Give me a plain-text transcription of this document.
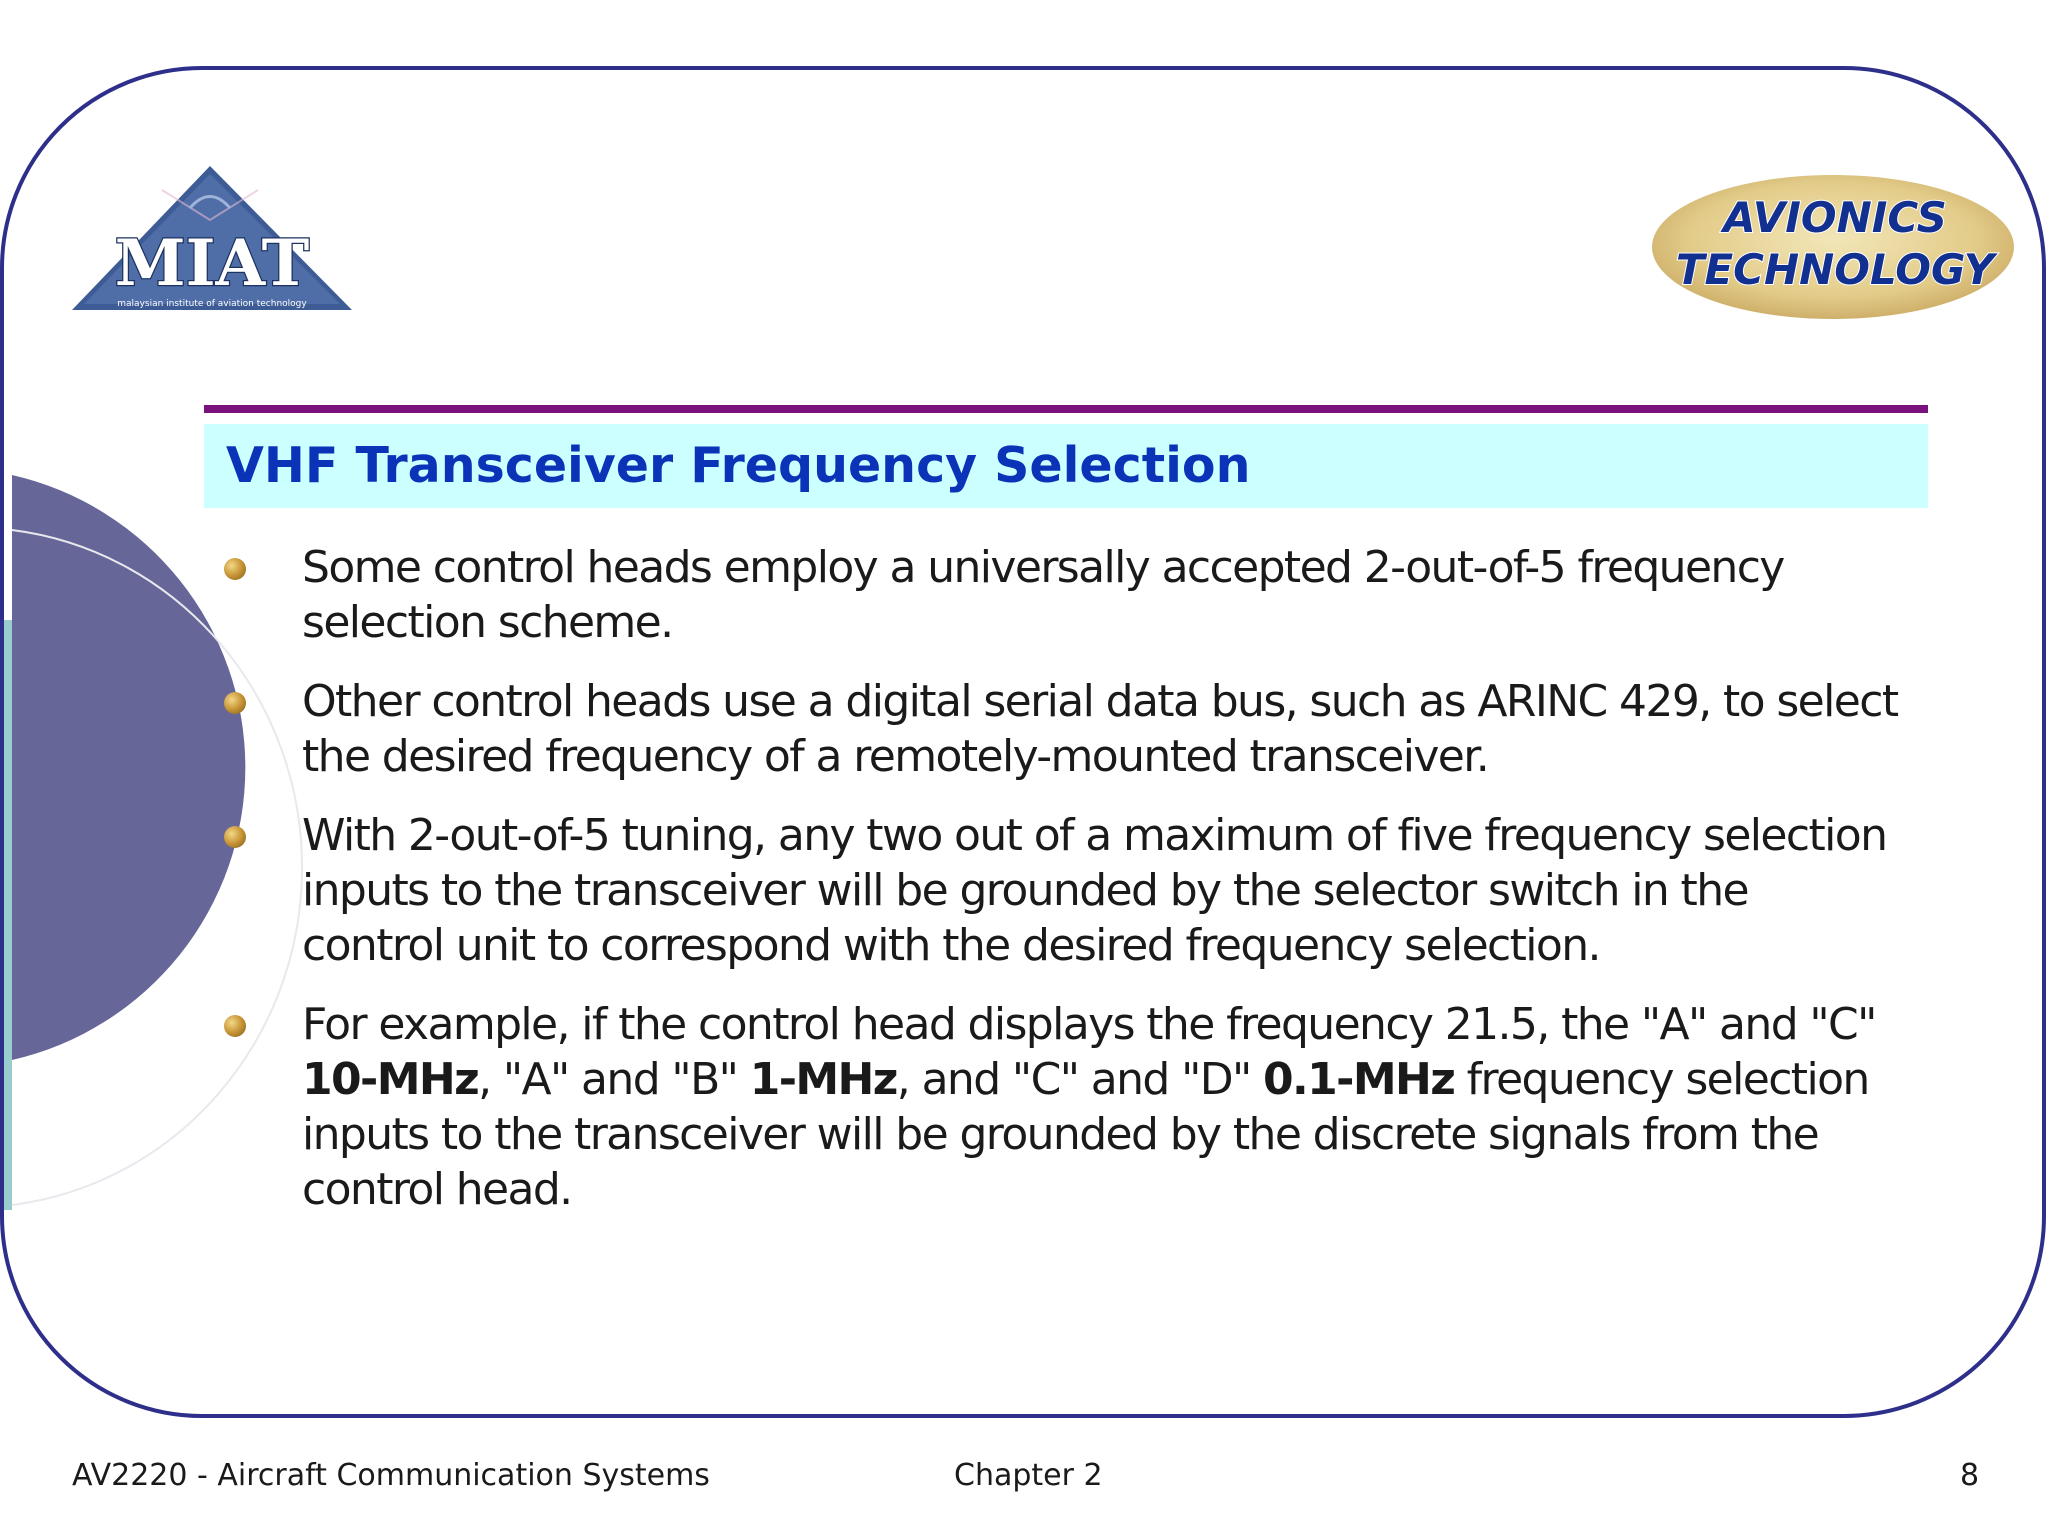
MIAT
malaysian institute of aviation technology
AVIONICS
TECHNOLOGY
VHF Transceiver Frequency Selection
Some control heads employ a universally accepted 2-out-of-5 frequency selection scheme.
Other control heads use a digital serial data bus, such as ARINC 429, to select the desired frequency of a remotely-mounted transceiver.
With 2-out-of-5 tuning, any two out of a maximum of five frequency selection inputs to the transceiver will be grounded by the selector switch in the control unit to correspond with the desired frequency selection.
For example, if the control head displays the frequency 21.5, the "A" and "C" 10-MHz, "A" and "B" 1-MHz, and "C" and "D" 0.1-MHz frequency selection inputs to the transceiver will be grounded by the discrete signals from the control head.
AV2220 - Aircraft Communication Systems	Chapter 2	8
